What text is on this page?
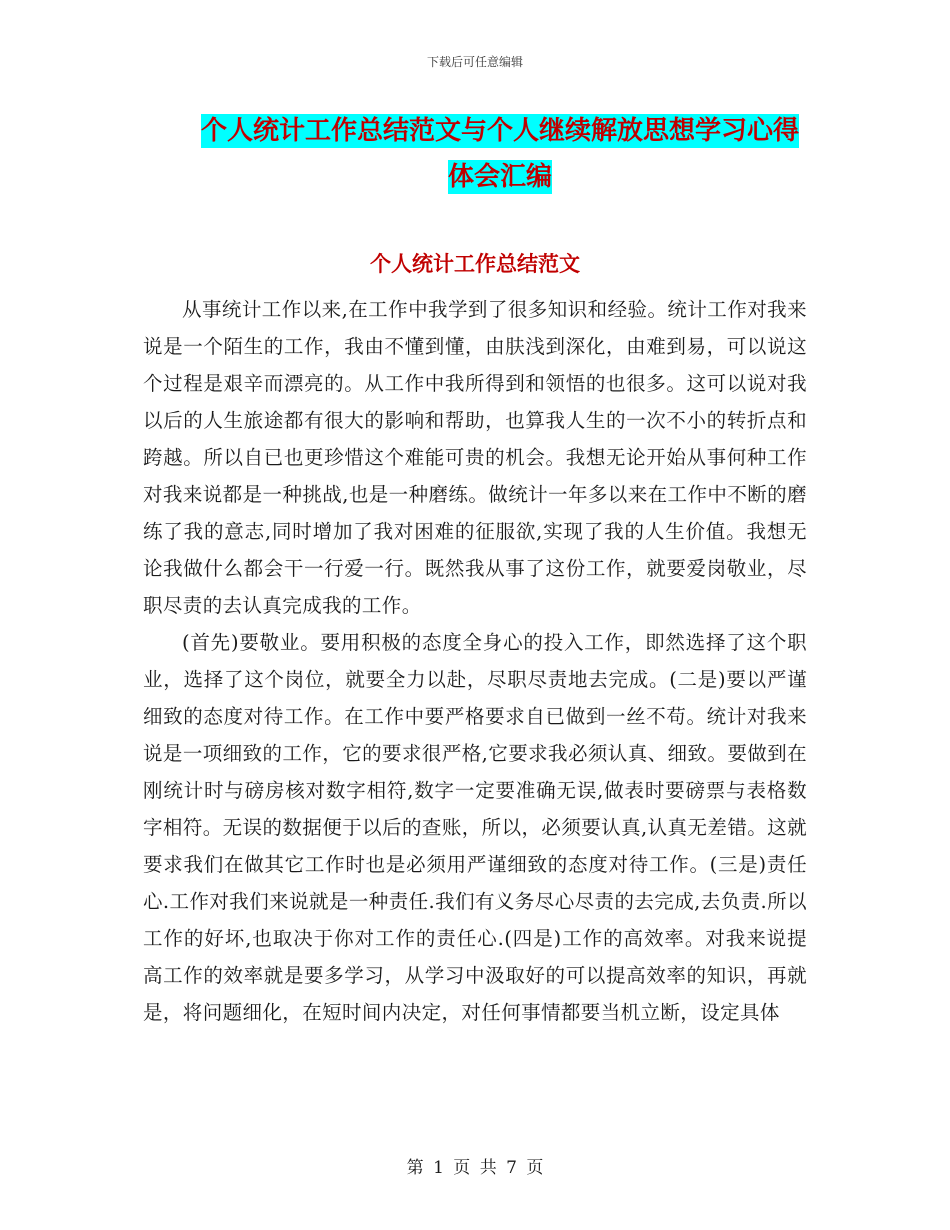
下载后可任意编辑
个人统计工作总结范文与个人继续解放思想学习心得
体会汇编
个人统计工作总结范文

从事统计工作以来,在工作中我学到了很多知识和经验。统计工作对我来说是一个陌生的工作，我由不懂到懂，由肤浅到深化，由难到易，可以说这个过程是艰辛而漂亮的。从工作中我所得到和领悟的也很多。这可以说对我以后的人生旅途都有很大的影响和帮助，也算我人生的一次不小的转折点和跨越。所以自已也更珍惜这个难能可贵的机会。我想无论开始从事何种工作对我来说都是一种挑战,也是一种磨练。做统计一年多以来在工作中不断的磨练了我的意志,同时增加了我对困难的征服欲,实现了我的人生价值。我想无论我做什么都会干一行爱一行。既然我从事了这份工作，就要爱岗敬业，尽职尽责的去认真完成我的工作。

(首先)要敬业。要用积极的态度全身心的投入工作，即然选择了这个职业，选择了这个岗位，就要全力以赴，尽职尽责地去完成。(二是)要以严谨细致的态度对待工作。在工作中要严格要求自已做到一丝不苟。统计对我来说是一项细致的工作，它的要求很严格,它要求我必须认真、细致。要做到在刚统计时与磅房核对数字相符,数字一定要准确无误,做表时要磅票与表格数字相符。无误的数据便于以后的查账，所以，必须要认真,认真无差错。这就要求我们在做其它工作时也是必须用严谨细致的态度对待工作。(三是)责任心.工作对我们来说就是一种责任.我们有义务尽心尽责的去完成,去负责.所以工作的好坏,也取决于你对工作的责任心.(四是)工作的高效率。对我来说提高工作的效率就是要多学习，从学习中汲取好的可以提高效率的知识，再就是，将问题细化，在短时间内决定，对任何事情都要当机立断，设定具体

第 1 页 共 7 页
